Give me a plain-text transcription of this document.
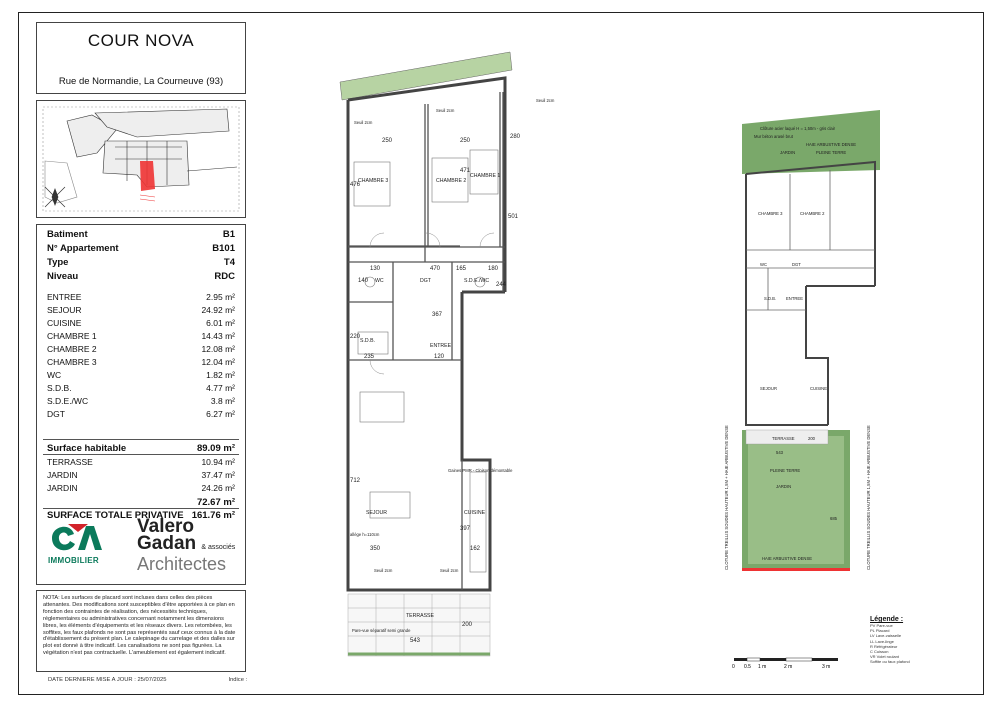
COUR NOVA
Rue de Normandie, La Courneuve (93)
Batiment	B1
N° Appartement	B101
Type	T4
Niveau	RDC
ENTREE	2.95 m²
SEJOUR	24.92 m²
CUISINE	6.01 m²
CHAMBRE 1	14.43 m²
CHAMBRE 2	12.08 m²
CHAMBRE 3	12.04 m²
WC	1.82 m²
S.D.B.	4.77 m²
S.D.E./WC	3.8 m²
DGT	6.27 m²
Surface habitable	89.09 m²
TERRASSE	10.94 m²
JARDIN	37.47 m²
JARDIN	24.26 m²
72.67 m²
SURFACE TOTALE PRIVATIVE 161.76 m²
IMMOBILIER
Valero
Gadan & associés
Architectes
NOTA: Les surfaces de placard sont incluses dans celles des pièces attenantes. Des modifications sont susceptibles d'être apportées à ce plan en fonction des contraintes de réalisation, des nécessités techniques, réglementaires ou administratives concernant notamment les dimensions libres, les éléments d'équipements et les réseaux divers. Les retombées, les soffites, les faux plafonds ne sont pas représentés sauf ceux connus à la date d'établissement du présent plan. Le calepinage du carrelage et des dalles sur plot est donné à titre indicatif. Les canalisations ne sont pas figurées. La végétation n'est pas contractuelle. L'ameublement est également indicatif.
DATE DERNIERE MISE A JOUR : 25/07/2025	Indice :
CHAMBRE 3	CHAMBRE 2
CHAMBRE 1
WC	DGT	S.D.E./WC
S.D.B.
ENTREE
SEJOUR	CUISINE
TERRASSE
Seuil 2cm
Seuil 2cm
Seuil 2cm
Seuil 2cm	Seuil 2cm
250	250
280
476
471
130
140
470	165	180
244
220
367
235	120
712
397
350	162
543
200
501
Pare-vue séparatif semi grande
Gaines PMR - Cloison démontable
allège h=110cm
Clôture acier laqué H = 1,50m - gris clair
Mur béton arasé brut
HAIE ARBUSTIVE DENSE
PLEINE TERRE
JARDIN
CHAMBRE 3	CHAMBRE 2
WC	DGT
S.D.B. ENTREE
SEJOUR	CUISINE
TERRASSE
543
PLEINE TERRE
JARDIN
685
200
HAIE ARBUSTIVE DENSE
CLOTURE TREILLIS SOUDES HAUTEUR 1,5M + HAIE ARBUSTIVE DENSE	CLOTURE TREILLIS SOUDES HAUTEUR 1,5M + HAIE ARBUSTIVE DENSE
Légende :
PV Pare-vue
PL Placard
LV Lave-vaisselle
LL Lave-linge
R Réfrigérateur
C Cuisson
VR Volet roulant
Soffite ou faux plafond
0 0.5 1 m	2 m	3 m
